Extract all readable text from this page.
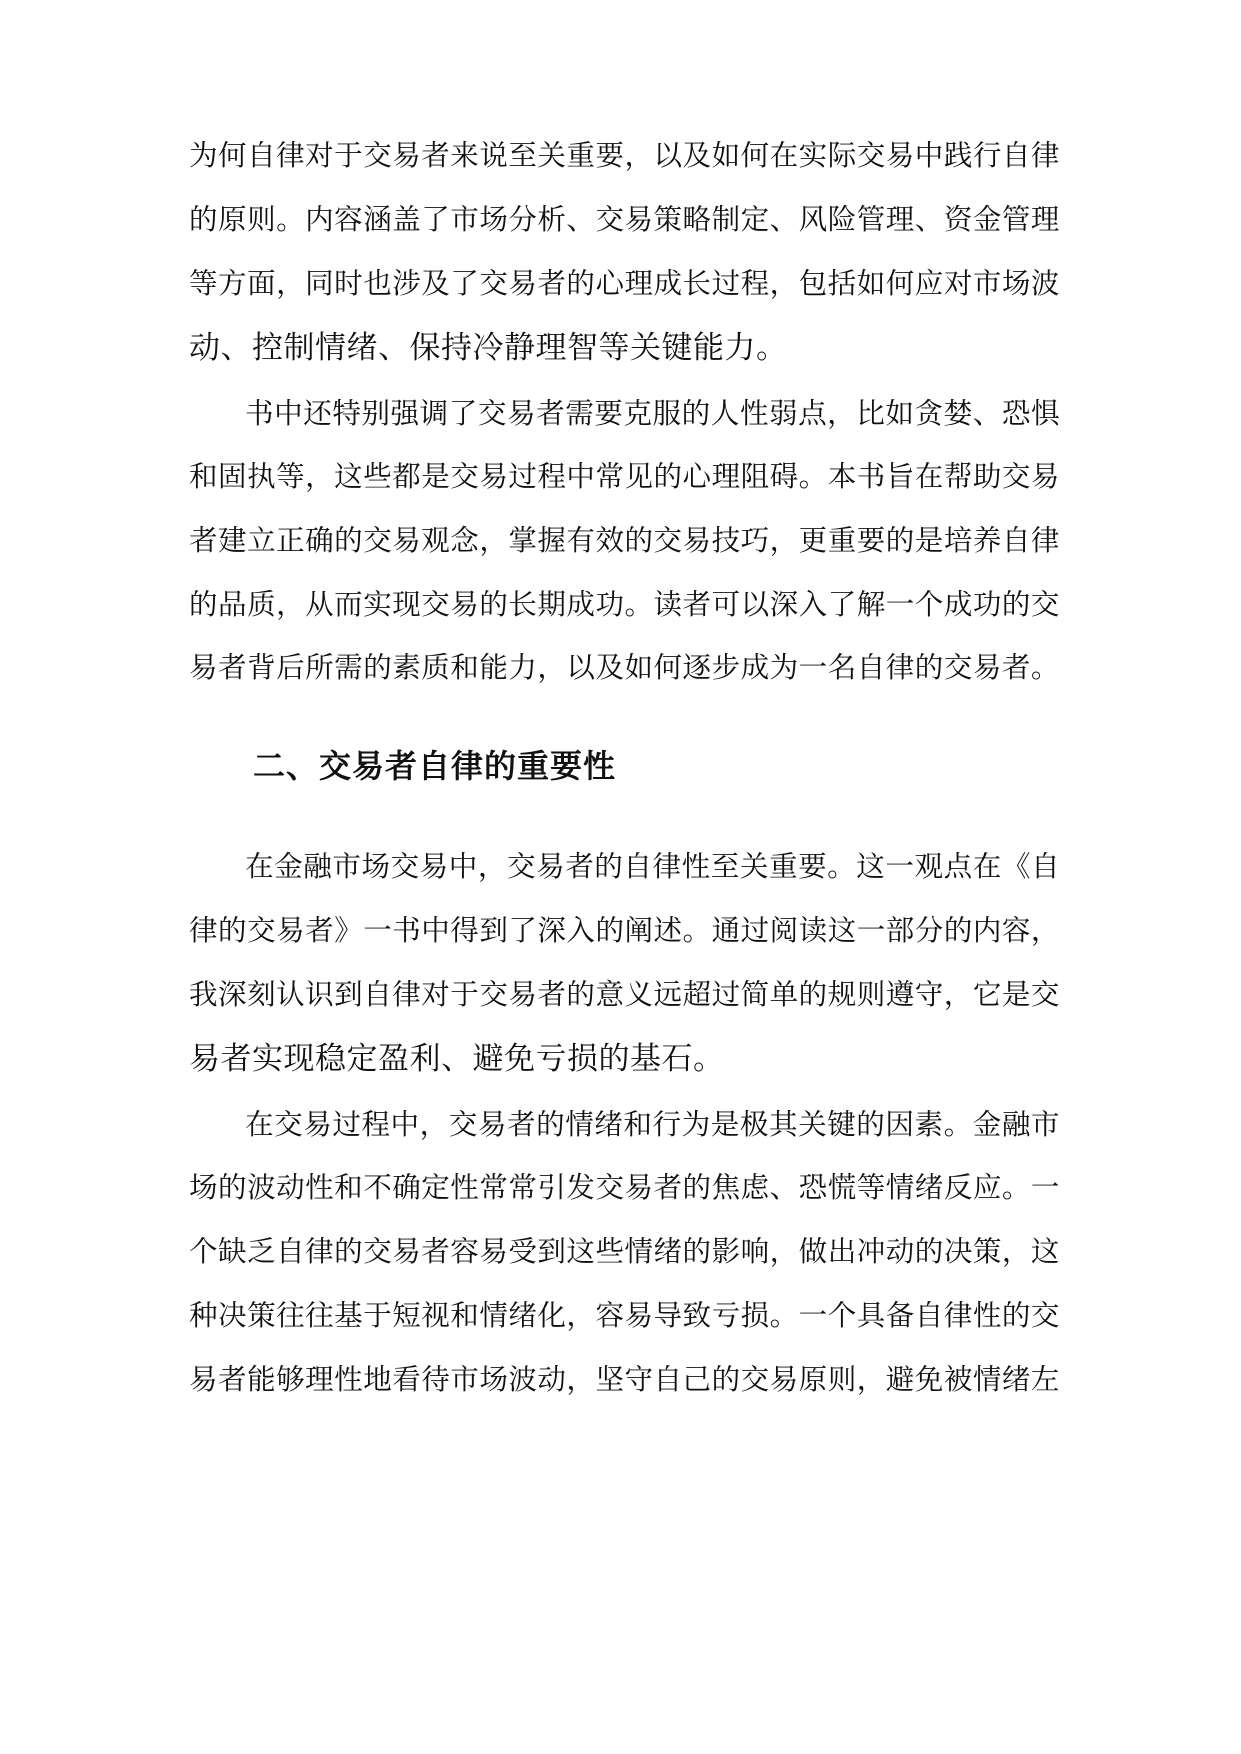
为何自律对于交易者来说至关重要，以及如何在实际交易中践行自律
的原则。内容涵盖了市场分析、交易策略制定、风险管理、资金管理
等方面，同时也涉及了交易者的心理成长过程，包括如何应对市场波
动、控制情绪、保持冷静理智等关键能力。
书中还特别强调了交易者需要克服的人性弱点，比如贪婪、恐惧
和固执等，这些都是交易过程中常见的心理阻碍。本书旨在帮助交易
者建立正确的交易观念，掌握有效的交易技巧，更重要的是培养自律
的品质，从而实现交易的长期成功。读者可以深入了解一个成功的交
易者背后所需的素质和能力，以及如何逐步成为一名自律的交易者。
二、交易者自律的重要性
在金融市场交易中，交易者的自律性至关重要。这一观点在《自
律的交易者》一书中得到了深入的阐述。通过阅读这一部分的内容，
我深刻认识到自律对于交易者的意义远超过简单的规则遵守，它是交
易者实现稳定盈利、避免亏损的基石。
在交易过程中，交易者的情绪和行为是极其关键的因素。金融市
场的波动性和不确定性常常引发交易者的焦虑、恐慌等情绪反应。一
个缺乏自律的交易者容易受到这些情绪的影响，做出冲动的决策，这
种决策往往基于短视和情绪化，容易导致亏损。一个具备自律性的交
易者能够理性地看待市场波动，坚守自己的交易原则，避免被情绪左
